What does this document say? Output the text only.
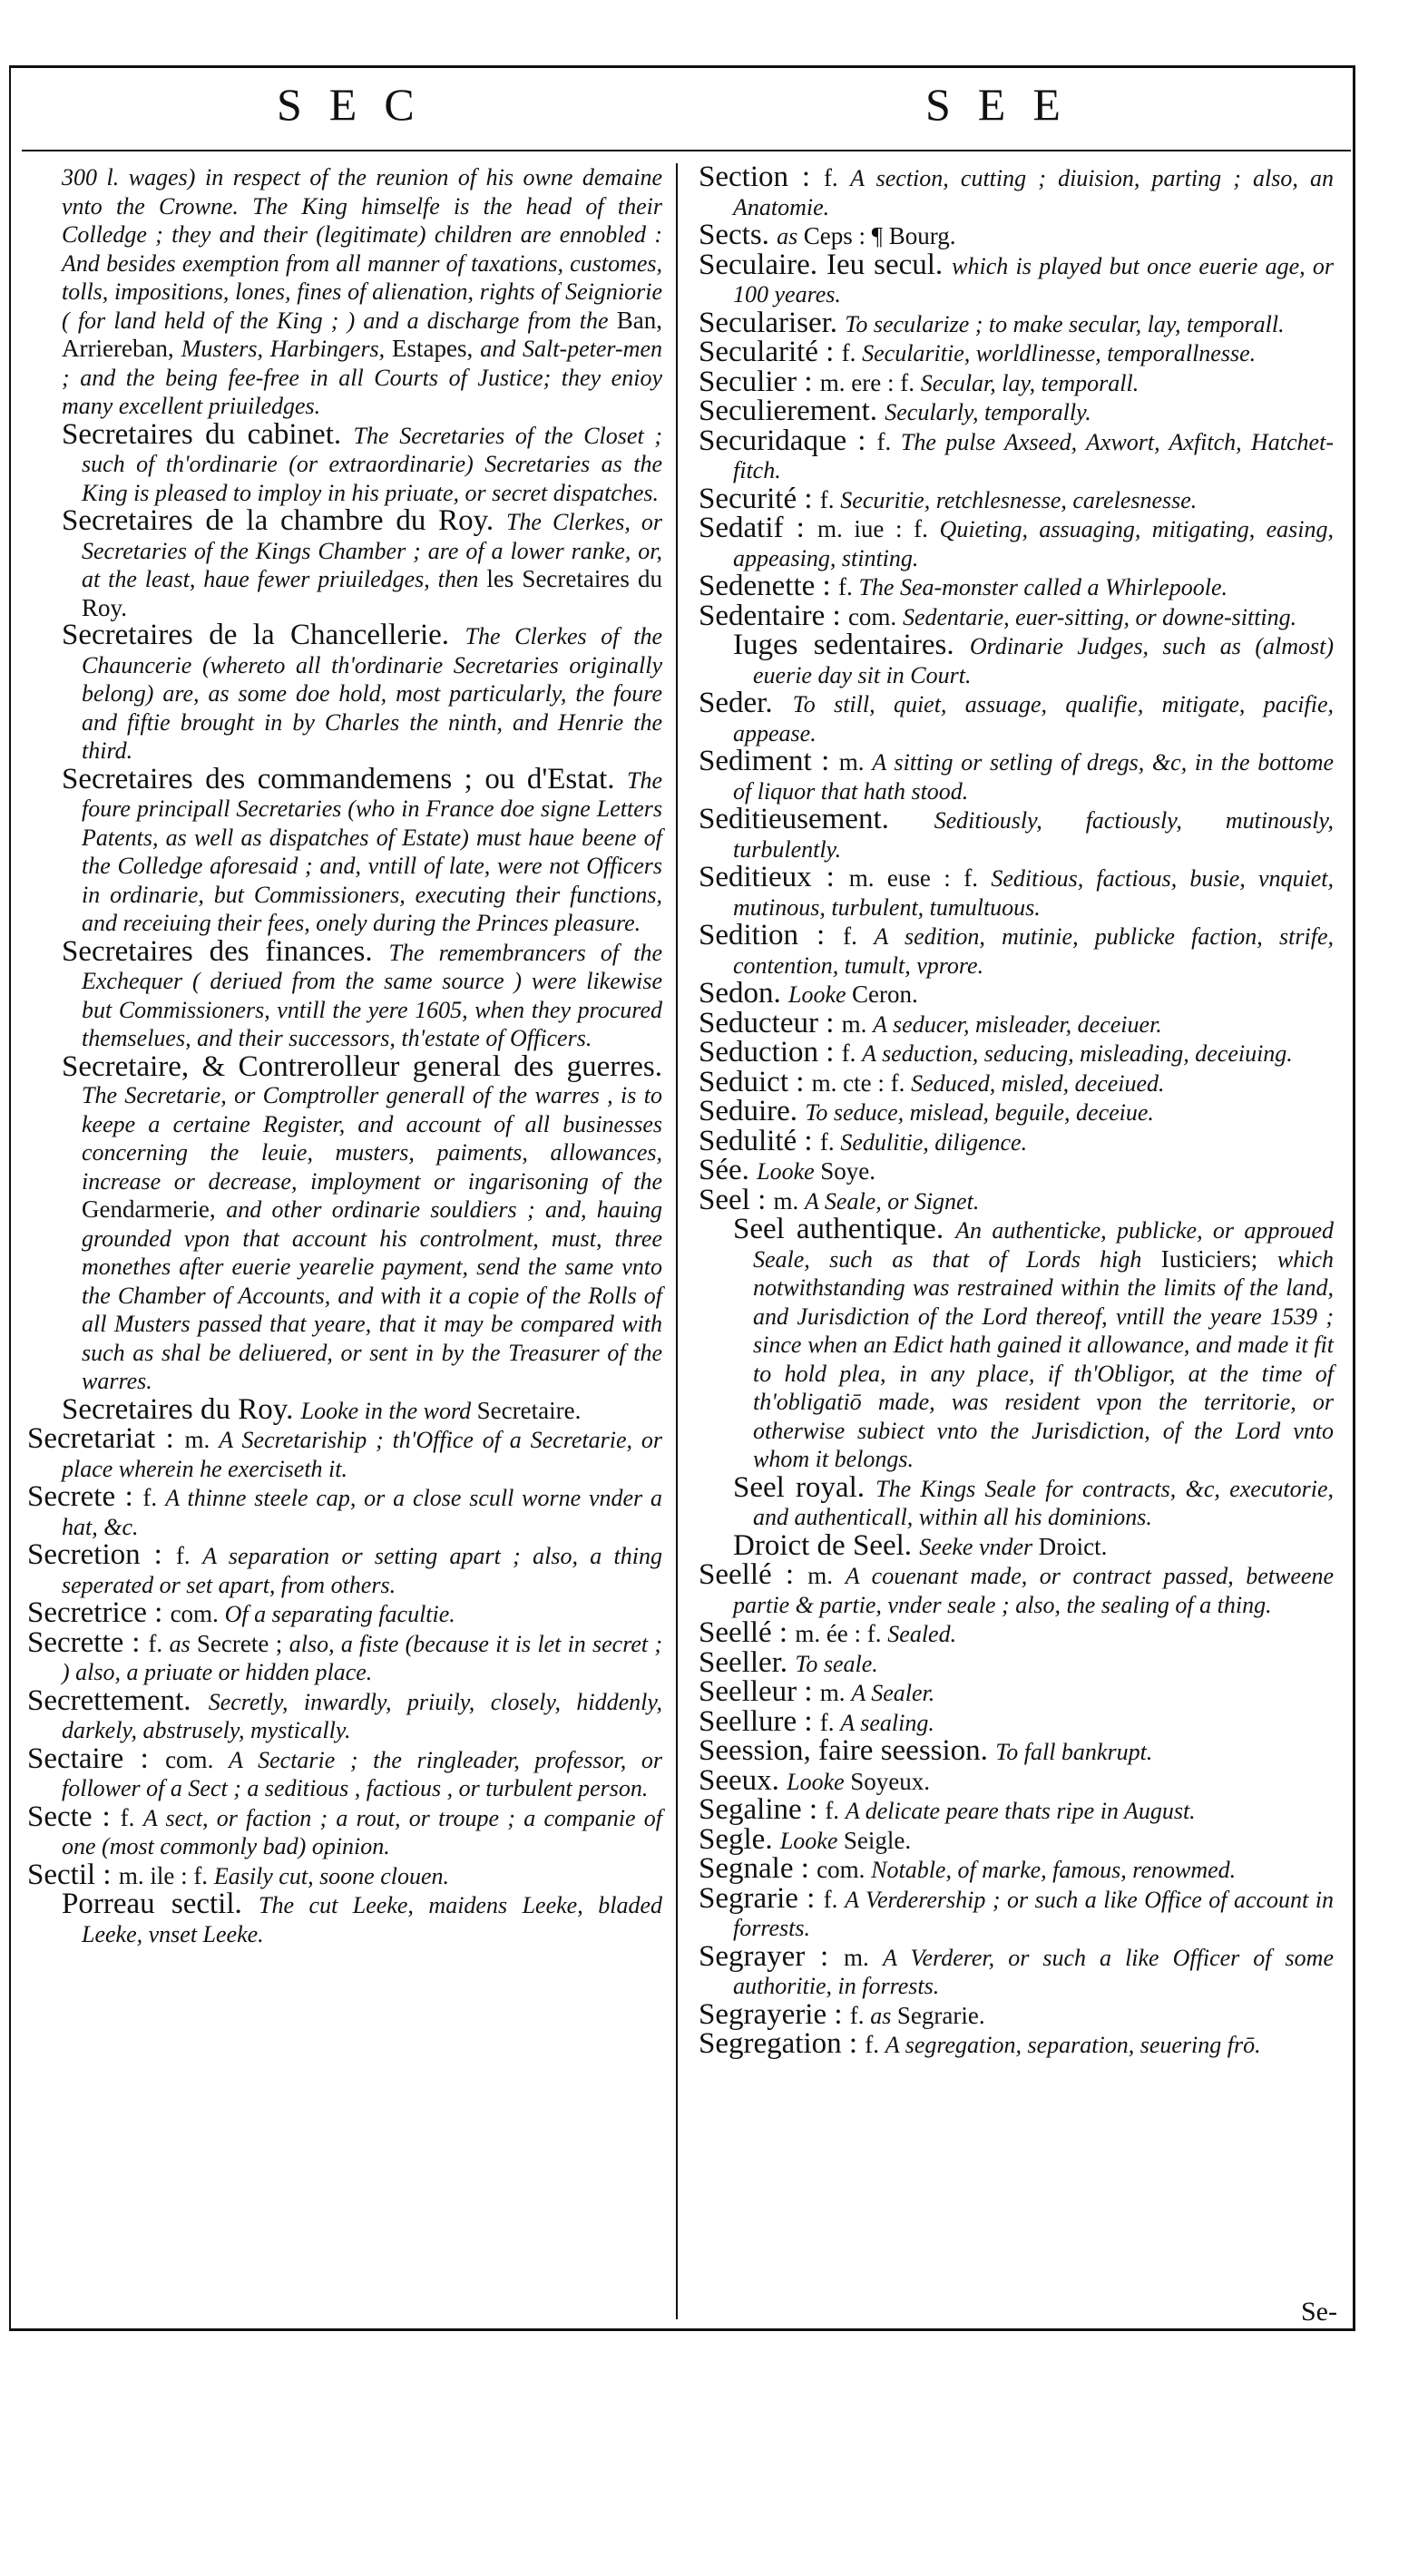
SEC	SEE

300 l. wages) in respect of the reunion of his owne demaine vnto the Crowne. The King himselfe is the head of their Colledge ; they and their (legitimate) children are ennobled : And besides exemption from all manner of taxations, customes, tolls, impositions, lones, fines of alienation, rights of Seigniorie ( for land held of the King ; ) and a discharge from the Ban, Arriereban, Musters, Harbingers, Estapes, and Salt-peter-men ; and the being fee-free in all Courts of Justice; they enioy many excellent priuiledges.

Secretaires du cabinet. The Secretaries of the Closet ; such of th'ordinarie (or extraordinarie) Secretaries as the King is pleased to imploy in his priuate, or secret dispatches.

Secretaires de la chambre du Roy. The Clerkes, or Secretaries of the Kings Chamber ; are of a lower ranke, or, at the least, haue fewer priuiledges, then les Secretaires du Roy.

Secretaires de la Chancellerie. The Clerkes of the Chauncerie (whereto all th'ordinarie Secretaries originally belong) are, as some doe hold, most particularly, the foure and fiftie brought in by Charles the ninth, and Henrie the third.

Secretaires des commandemens ; ou d'Estat. The foure principall Secretaries (who in France doe signe Letters Patents, as well as dispatches of Estate) must haue beene of the Colledge aforesaid ; and, vntill of late, were not Officers in ordinarie, but Commissioners, executing their functions, and receiuing their fees, onely during the Princes pleasure.

Secretaires des finances. The remembrancers of the Exchequer ( deriued from the same source ) were likewise but Commissioners, vntill the yere 1605, when they procured themselues, and their successors, th'estate of Officers.

Secretaire, & Contrerolleur general des guerres. The Secretarie, or Comptroller generall of the warres , is to keepe a certaine Register, and account of all businesses concerning the leuie, musters, paiments, allowances, increase or decrease, imployment or ingarisoning of the Gendarmerie, and other ordinarie souldiers ; and, hauing grounded vpon that account his controlment, must, three monethes after euerie yearelie payment, send the same vnto the Chamber of Accounts, and with it a copie of the Rolls of all Musters passed that yeare, that it may be compared with such as shal be deliuered, or sent in by the Treasurer of the warres.

Secretaires du Roy. Looke in the word Secretaire.

Secretariat : m. A Secretariship ; th'Office of a Secretarie, or place wherein he exerciseth it.

Secrete : f. A thinne steele cap, or a close scull worne vnder a hat, &c.

Secretion : f. A separation or setting apart ; also, a thing seperated or set apart, from others.

Secretrice : com. Of a separating facultie.

Secrette : f. as Secrete ; also, a fiste (because it is let in secret ; ) also, a priuate or hidden place.

Secrettement. Secretly, inwardly, priuily, closely, hiddenly, darkely, abstrusely, mystically.

Sectaire : com. A Sectarie ; the ringleader, professor, or follower of a Sect ; a seditious , factious , or turbulent person.

Secte : f. A sect, or faction ; a rout, or troupe ; a companie of one (most commonly bad) opinion.

Sectil : m. ile : f. Easily cut, soone clouen.

Porreau sectil. The cut Leeke, maidens Leeke, bladed Leeke, vnset Leeke.

Section : f. A section, cutting ; diuision, parting ; also, an Anatomie.

Sects. as Ceps : ¶ Bourg.

Seculaire. Ieu secul. which is played but once euerie age, or 100 yeares.

Seculariser. To secularize ; to make secular, lay, temporall.

Secularité : f. Secularitie, worldlinesse, temporallnesse.

Seculier : m. ere : f. Secular, lay, temporall.

Seculierement. Secularly, temporally.

Securidaque : f. The pulse Axseed, Axwort, Axfitch, Hatchet-fitch.

Securité : f. Securitie, retchlesnesse, carelesnesse.

Sedatif : m. iue : f. Quieting, assuaging, mitigating, easing, appeasing, stinting.

Sedenette : f. The Sea-monster called a Whirlepoole.

Sedentaire : com. Sedentarie, euer-sitting, or downe-sitting.

Iuges sedentaires. Ordinarie Judges, such as (almost) euerie day sit in Court.

Seder. To still, quiet, assuage, qualifie, mitigate, pacifie, appease.

Sediment : m. A sitting or setling of dregs, &c, in the bottome of liquor that hath stood.

Seditieusement. Seditiously, factiously, mutinously, turbulently.

Seditieux : m. euse : f. Seditious, factious, busie, vnquiet, mutinous, turbulent, tumultuous.

Sedition : f. A sedition, mutinie, publicke faction, strife, contention, tumult, vprore.

Sedon. Looke Ceron.

Seducteur : m. A seducer, misleader, deceiuer.

Seduction : f. A seduction, seducing, misleading, deceiuing.

Seduict : m. cte : f. Seduced, misled, deceiued.

Seduire. To seduce, mislead, beguile, deceiue.

Sedulité : f. Sedulitie, diligence.

Sée. Looke Soye.

Seel : m. A Seale, or Signet.

Seel authentique. An authenticke, publicke, or approued Seale, such as that of Lords high Iusticiers; which notwithstanding was restrained within the limits of the land, and Jurisdiction of the Lord thereof, vntill the yeare 1539 ; since when an Edict hath gained it allowance, and made it fit to hold plea, in any place, if th'Obligor, at the time of th'obligatiō made, was resident vpon the territorie, or otherwise subiect vnto the Jurisdiction, of the Lord vnto whom it belongs.

Seel royal. The Kings Seale for contracts, &c, executorie, and authenticall, within all his dominions.

Droict de Seel. Seeke vnder Droict.

Seellé : m. A couenant made, or contract passed, betweene partie & partie, vnder seale ; also, the sealing of a thing.

Seellé : m. ée : f. Sealed.

Seeller. To seale.

Seelleur : m. A Sealer.

Seellure : f. A sealing.

Seession, faire seession. To fall bankrupt.

Seeux. Looke Soyeux.

Segaline : f. A delicate peare thats ripe in August.

Segle. Looke Seigle.

Segnale : com. Notable, of marke, famous, renowmed.

Segrarie : f. A Verderership ; or such a like Office of account in forrests.

Segrayer : m. A Verderer, or such a like Officer of some authoritie, in forrests.

Segrayerie : f. as Segrarie.

Segregation : f. A segregation, separation, seuering frō.

Se-
